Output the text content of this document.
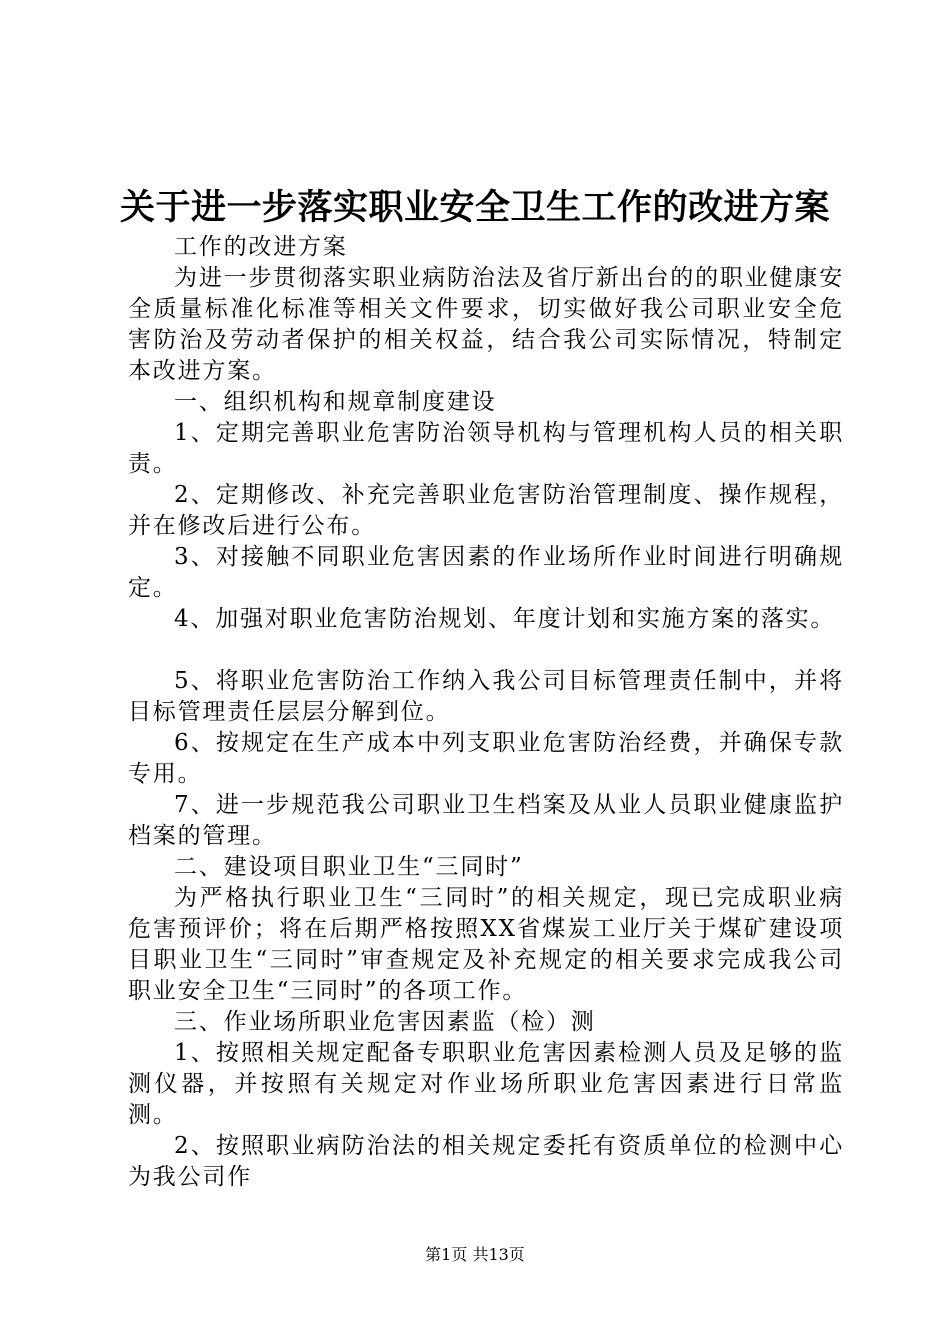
关于进一步落实职业安全卫生工作的改进方案

工作的改进方案

为进一步贯彻落实职业病防治法及省厅新出台的的职业健康安全质量标准化标准等相关文件要求，切实做好我公司职业安全危害防治及劳动者保护的相关权益，结合我公司实际情况，特制定本改进方案。

一、组织机构和规章制度建设

1、定期完善职业危害防治领导机构与管理机构人员的相关职责。

2、定期修改、补充完善职业危害防治管理制度、操作规程，并在修改后进行公布。

3、对接触不同职业危害因素的作业场所作业时间进行明确规定。

4、加强对职业危害防治规划、年度计划和实施方案的落实。

5、将职业危害防治工作纳入我公司目标管理责任制中，并将目标管理责任层层分解到位。

6、按规定在生产成本中列支职业危害防治经费，并确保专款专用。

7、进一步规范我公司职业卫生档案及从业人员职业健康监护档案的管理。

二、建设项目职业卫生“三同时”

为严格执行职业卫生“三同时”的相关规定，现已完成职业病危害预评价；将在后期严格按照XX省煤炭工业厅关于煤矿建设项目职业卫生“三同时”审查规定及补充规定的相关要求完成我公司职业安全卫生“三同时”的各项工作。

三、作业场所职业危害因素监（检）测

1、按照相关规定配备专职职业危害因素检测人员及足够的监测仪器，并按照有关规定对作业场所职业危害因素进行日常监测。

2、按照职业病防治法的相关规定委托有资质单位的检测中心为我公司作

第1页 共13页
